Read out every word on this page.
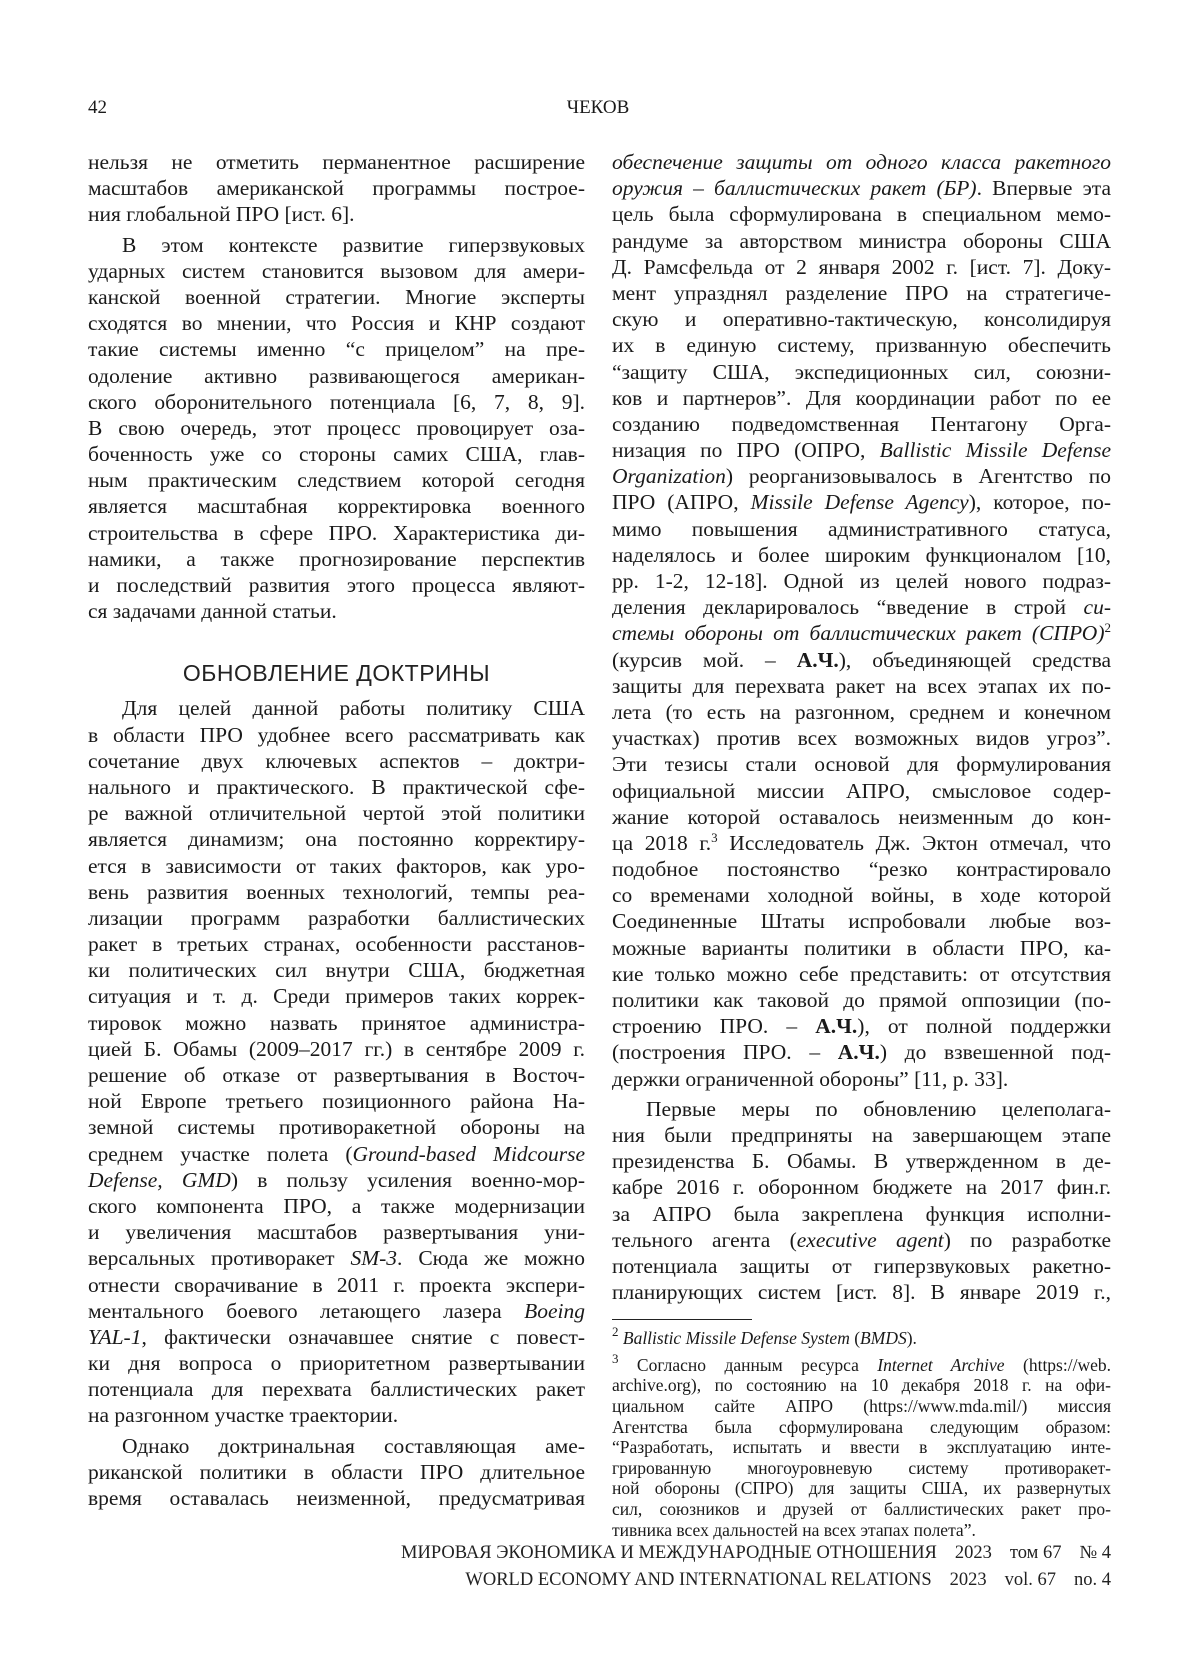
42	ЧЕКОВ
нельзя не отметить перманентное расширение
масштабов американской программы построе-
ния глобальной ПРО [ист. 6].
В этом контексте развитие гиперзвуковых
ударных систем становится вызовом для амери-
канской военной стратегии. Многие эксперты
сходятся во мнении, что Россия и КНР создают
такие системы именно “с прицелом” на пре-
одоление активно развивающегося американ-
ского оборонительного потенциала [6, 7, 8, 9].
В свою очередь, этот процесс провоцирует оза-
боченность уже со стороны самих США, глав-
ным практическим следствием которой сегодня
является масштабная корректировка военного
строительства в сфере ПРО. Характеристика ди-
намики, а также прогнозирование перспектив
и последствий развития этого процесса являют-
ся задачами данной статьи.
ОБНОВЛЕНИЕ ДОКТРИНЫ
Для целей данной работы политику США
в области ПРО удобнее всего рассматривать как
сочетание двух ключевых аспектов – доктри-
нального и практического. В практической сфе-
ре важной отличительной чертой этой политики
является динамизм; она постоянно корректиру-
ется в зависимости от таких факторов, как уро-
вень развития военных технологий, темпы реа-
лизации программ разработки баллистических
ракет в третьих странах, особенности расстанов-
ки политических сил внутри США, бюджетная
ситуация и т. д. Среди примеров таких коррек-
тировок можно назвать принятое администра-
цией Б. Обамы (2009–2017 гг.) в сентябре 2009 г.
решение об отказе от развертывания в Восточ-
ной Европе третьего позиционного района На-
земной системы противоракетной обороны на
среднем участке полета (Ground-based Midcourse
Defense, GMD) в пользу усиления военно-мор-
ского компонента ПРО, а также модернизации
и увеличения масштабов развертывания уни-
версальных противоракет SM-3. Сюда же можно
отнести сворачивание в 2011 г. проекта экспери-
ментального боевого летающего лазера Boeing
YAL-1, фактически означавшее снятие с повест-
ки дня вопроса о приоритетном развертывании
потенциала для перехвата баллистических ракет
на разгонном участке траектории.
Однако доктринальная составляющая аме-
риканской политики в области ПРО длительное
время оставалась неизменной, предусматривая
обеспечение защиты от одного класса ракетного
оружия – баллистических ракет (БР). Впервые эта
цель была сформулирована в специальном мемо-
рандуме за авторством министра обороны США
Д. Рамсфельда от 2 января 2002 г. [ист. 7]. Доку-
мент упразднял разделение ПРО на стратегиче-
скую и оперативно-тактическую, консолидируя
их в единую систему, призванную обеспечить
“защиту США, экспедиционных сил, союзни-
ков и партнеров”. Для координации работ по ее
созданию подведомственная Пентагону Орга-
низация по ПРО (ОПРО, Ballistic Missile Defense
Organization) реорганизовывалось в Агентство по
ПРО (АПРО, Missile Defense Agency), которое, по-
мимо повышения административного статуса,
наделялось и более широким функционалом [10,
pp. 1-2, 12-18]. Одной из целей нового подраз-
деления декларировалось “введение в строй си-
стемы обороны от баллистических ракет (СПРО)2
(курсив мой. – А.Ч.), объединяющей средства
защиты для перехвата ракет на всех этапах их по-
лета (то есть на разгонном, среднем и конечном
участках) против всех возможных видов угроз”.
Эти тезисы стали основой для формулирования
официальной миссии АПРО, смысловое содер-
жание которой оставалось неизменным до кон-
ца 2018 г.3 Исследователь Дж. Эктон отмечал, что
подобное постоянство “резко контрастировало
со временами холодной войны, в ходе которой
Соединенные Штаты испробовали любые воз-
можные варианты политики в области ПРО, ка-
кие только можно себе представить: от отсутствия
политики как таковой до прямой оппозиции (по-
строению ПРО. – А.Ч.), от полной поддержки
(построения ПРО. – А.Ч.) до взвешенной под-
держки ограниченной обороны” [11, p. 33].
Первые меры по обновлению целеполага-
ния были предприняты на завершающем этапе
президенства Б. Обамы. В утвержденном в де-
кабре 2016 г. оборонном бюджете на 2017 фин.г.
за АПРО была закреплена функция исполни-
тельного агента (executive agent) по разработке
потенциала защиты от гиперзвуковых ракетно-
планирующих систем [ист. 8]. В январе 2019 г.,
2 Ballistic Missile Defense System (BMDS).
3 Согласно данным ресурса Internet Archive (https://web.
archive.org), по состоянию на 10 декабря 2018 г. на офи-
циальном сайте АПРО (https://www.mda.mil/) миссия
Агентства была сформулирована следующим образом:
“Разработать, испытать и ввести в эксплуатацию инте-
грированную многоуровневую систему противоракет-
ной обороны (СПРО) для защиты США, их развернутых
сил, союзников и друзей от баллистических ракет про-
тивника всех дальностей на всех этапах полета”.
МИРОВАЯ ЭКОНОМИКА И МЕЖДУНАРОДНЫЕ ОТНОШЕНИЯ 2023 том 67 № 4
WORLD ECONOMY AND INTERNATIONAL RELATIONS 2023 vol. 67 no. 4
